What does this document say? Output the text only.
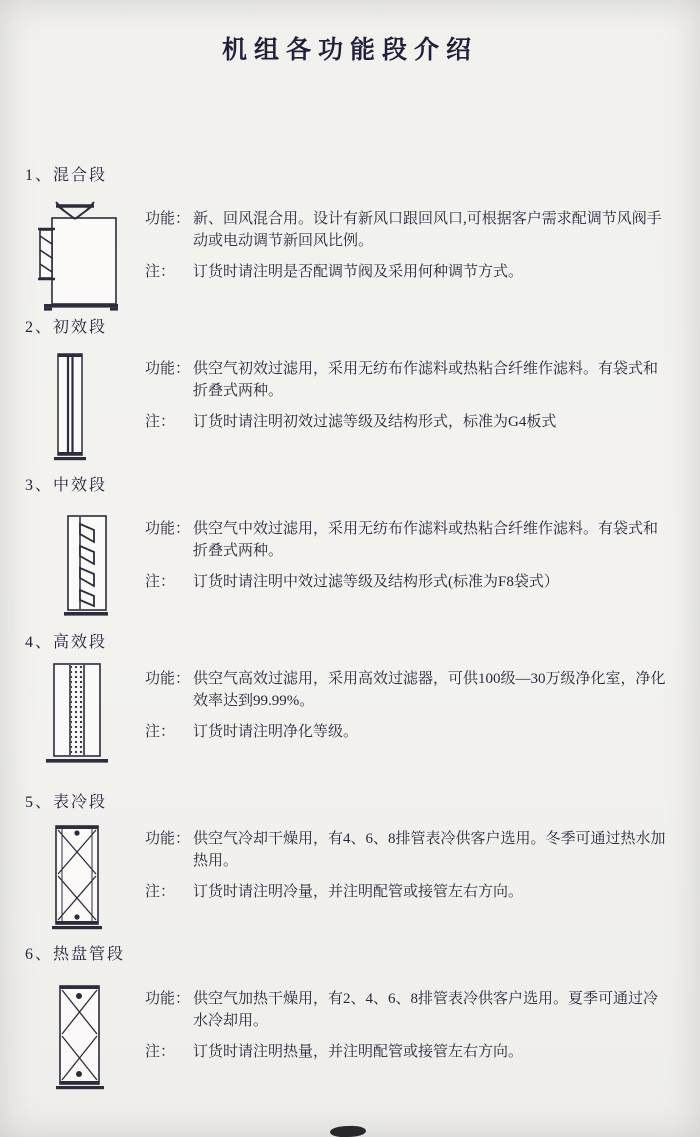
机组各功能段介绍
1、混合段
功能： 新、回风混合用。设计有新风口跟回风口,可根据客户需求配调节风阀手动或电动调节新回风比例。
注：	订货时请注明是否配调节阀及采用何种调节方式。
2、初效段
功能： 供空气初效过滤用，采用无纺布作滤料或热粘合纤维作滤料。有袋式和折叠式两种。
注：	订货时请注明初效过滤等级及结构形式，标准为G4板式
3、中效段
功能： 供空气中效过滤用，采用无纺布作滤料或热粘合纤维作滤料。有袋式和折叠式两种。
注：	订货时请注明中效过滤等级及结构形式(标准为F8袋式）
4、高效段
功能： 供空气高效过滤用，采用高效过滤器，可供100级—30万级净化室，净化效率达到99.99%。
注：	订货时请注明净化等级。
5、表冷段
功能： 供空气冷却干燥用，有4、6、8排管表冷供客户选用。冬季可通过热水加热用。
注：	订货时请注明冷量，并注明配管或接管左右方向。
6、热盘管段
功能： 供空气加热干燥用，有2、4、6、8排管表冷供客户选用。夏季可通过冷水冷却用。
注：	订货时请注明热量，并注明配管或接管左右方向。
